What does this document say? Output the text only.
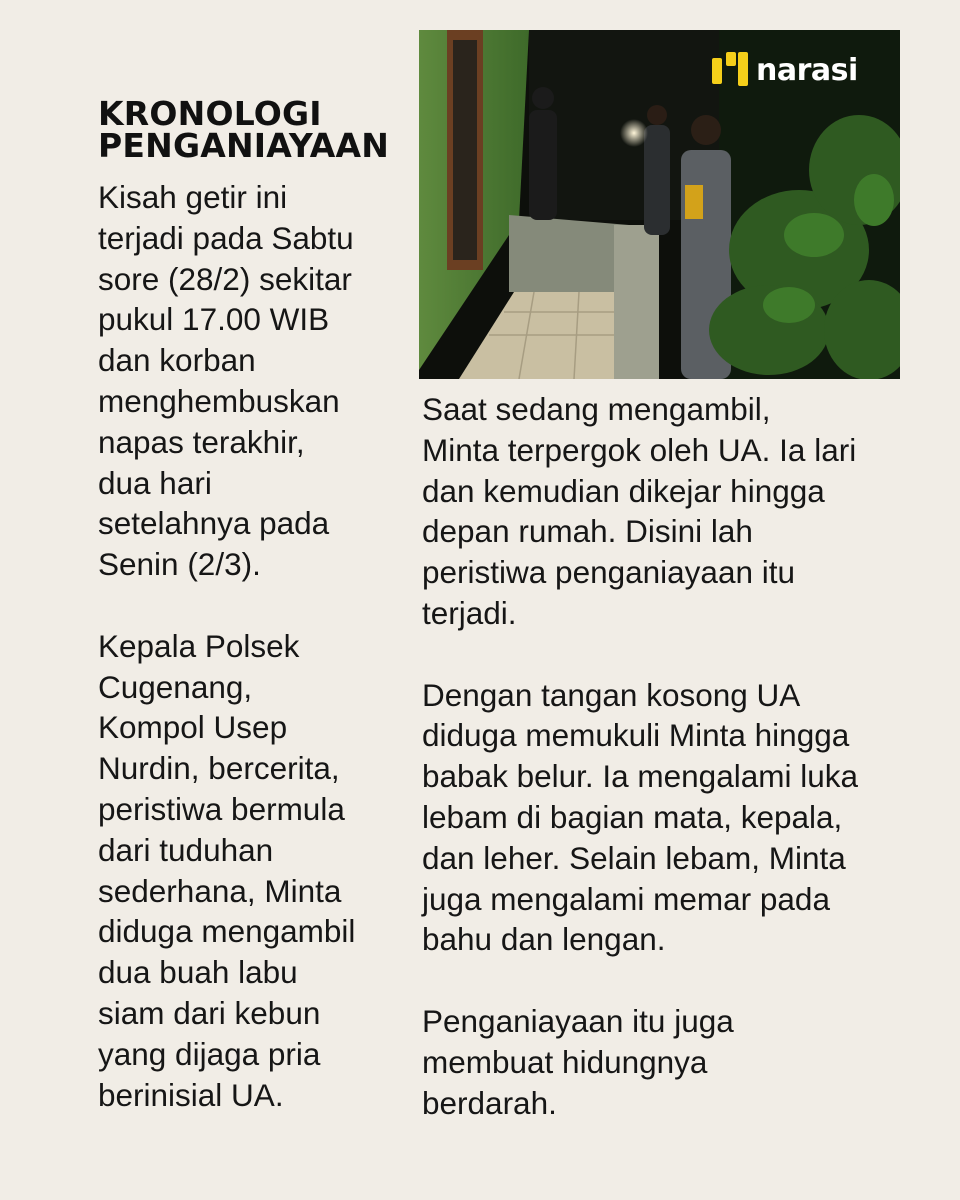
KRONOLOGI
PENGANIAYAAN

Kisah getir ini
terjadi pada Sabtu
sore (28/2) sekitar
pukul 17.00 WIB
dan korban
menghembuskan
napas terakhir,
dua hari
setelahnya pada
Senin (2/3).

Kepala Polsek
Cugenang,
Kompol Usep
Nurdin, bercerita,
peristiwa bermula
dari tuduhan
sederhana, Minta
diduga mengambil
dua buah labu
siam dari kebun
yang dijaga pria
berinisial UA.

narasi

Saat sedang mengambil,
Minta terpergok oleh UA. Ia lari
dan kemudian dikejar hingga
depan rumah. Disini lah
peristiwa penganiayaan itu
terjadi.

Dengan tangan kosong UA
diduga memukuli Minta hingga
babak belur. Ia mengalami luka
lebam di bagian mata, kepala,
dan leher. Selain lebam, Minta
juga mengalami memar pada
bahu dan lengan.

Penganiayaan itu juga
membuat hidungnya
berdarah.
